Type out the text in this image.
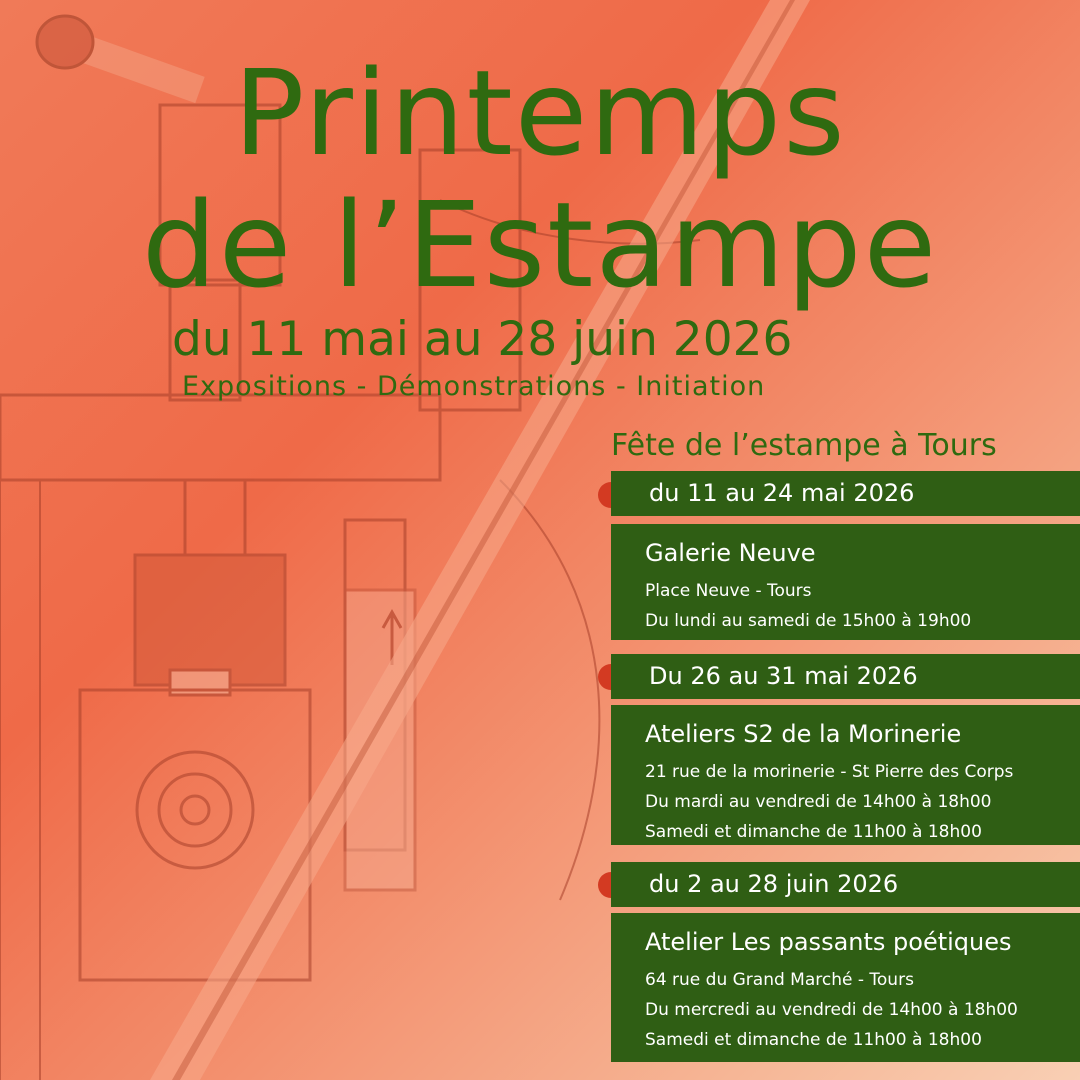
Printemps
de l’Estampe
du 11 mai au 28 juin 2026
Expositions - Démonstrations - Initiation
Fête de l’estampe à Tours
du 11 au 24 mai 2026
Galerie Neuve
Place Neuve - Tours
Du lundi au samedi de 15h00 à 19h00
Du 26 au 31 mai 2026
Ateliers S2 de la Morinerie
21 rue de la morinerie - St Pierre des Corps
Du mardi au vendredi de 14h00 à 18h00
Samedi et dimanche de 11h00 à 18h00
du 2 au 28 juin 2026
Atelier Les passants poétiques
64 rue du Grand Marché - Tours
Du mercredi au vendredi de 14h00 à 18h00
Samedi et dimanche de 11h00 à 18h00
